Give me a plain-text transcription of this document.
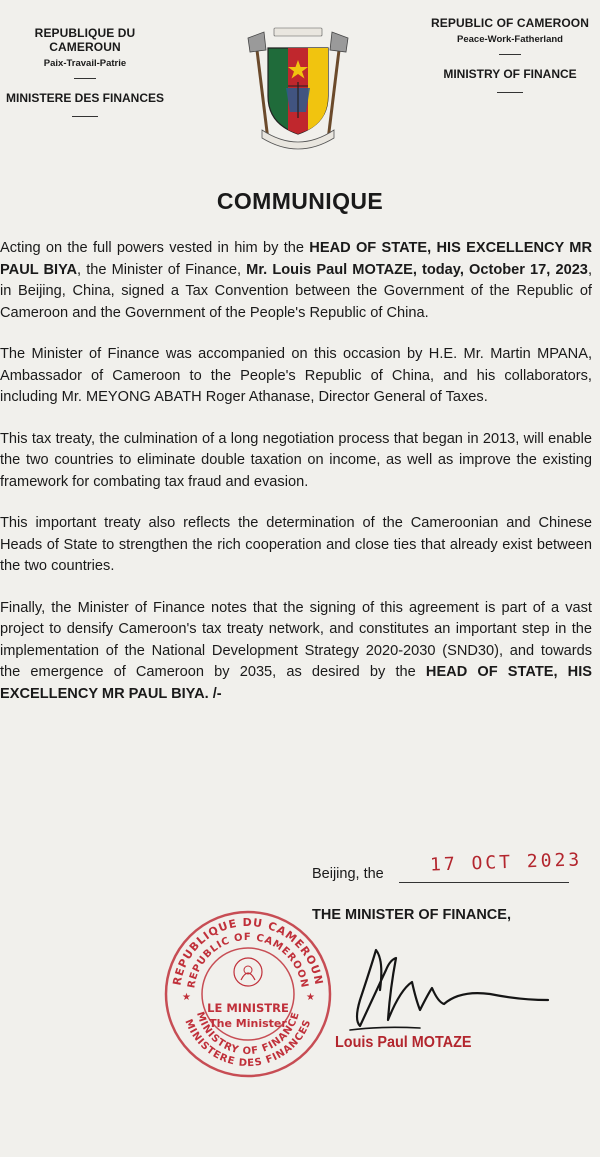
REPUBLIQUE DU CAMEROUN
Paix-Travail-Patrie
MINISTERE DES FINANCES
REPUBLIC OF CAMEROON
Peace-Work-Fatherland
MINISTRY OF FINANCE
COMMUNIQUE

Acting on the full powers vested in him by the HEAD OF STATE, HIS EXCELLENCY MR PAUL BIYA, the Minister of Finance, Mr. Louis Paul MOTAZE, today, October 17, 2023, in Beijing, China, signed a Tax Convention between the Government of the Republic of Cameroon and the Government of the People's Republic of China.

The Minister of Finance was accompanied on this occasion by H.E. Mr. Martin MPANA, Ambassador of Cameroon to the People's Republic of China, and his collaborators, including Mr. MEYONG ABATH Roger Athanase, Director General of Taxes.

This tax treaty, the culmination of a long negotiation process that began in 2013, will enable the two countries to eliminate double taxation on income, as well as improve the existing framework for combating tax fraud and evasion.

This important treaty also reflects the determination of the Cameroonian and Chinese Heads of State to strengthen the rich cooperation and close ties that already exist between the two countries.

Finally, the Minister of Finance notes that the signing of this agreement is part of a vast project to densify Cameroon's tax treaty network, and constitutes an important step in the implementation of the National Development Strategy 2020-2030 (SND30), and towards the emergence of Cameroon by 2035, as desired by the HEAD OF STATE, HIS EXCELLENCY MR PAUL BIYA. /-

Beijing, the	17 OCT 2023
THE MINISTER OF FINANCE,
REPUBLIQUE DU CAMEROUN
REPUBLIC OF CAMEROON
MINISTRY OF FINANCE
MINISTERE DES FINANCES
★	★
LE MINISTRE
The Minister
Louis Paul MOTAZE
